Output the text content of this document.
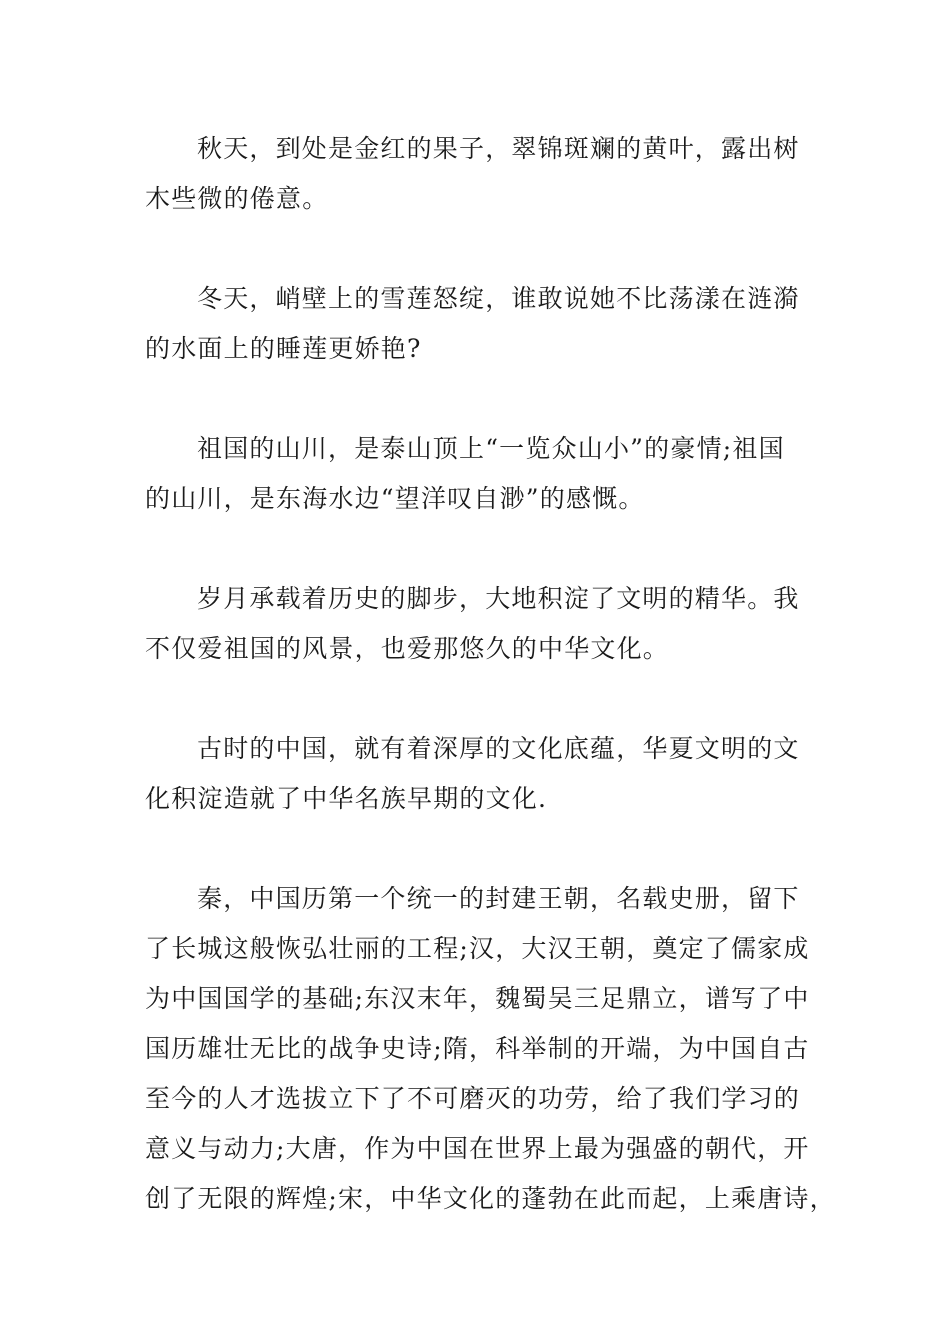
秋天，到处是金红的果子，翠锦斑斓的黄叶，露出树
木些微的倦意。

冬天，峭壁上的雪莲怒绽，谁敢说她不比荡漾在涟漪
的水面上的睡莲更娇艳?

祖国的山川，是泰山顶上“一览众山小”的豪情;祖国
的山川，是东海水边“望洋叹自渺”的感慨。

岁月承载着历史的脚步，大地积淀了文明的精华。我
不仅爱祖国的风景，也爱那悠久的中华文化。

古时的中国，就有着深厚的文化底蕴，华夏文明的文
化积淀造就了中华名族早期的文化.

秦，中国历第一个统一的封建王朝，名载史册，留下
了长城这般恢弘壮丽的工程;汉，大汉王朝，奠定了儒家成
为中国国学的基础;东汉末年，魏蜀吴三足鼎立，谱写了中
国历雄壮无比的战争史诗;隋，科举制的开端，为中国自古
至今的人才选拔立下了不可磨灭的功劳，给了我们学习的
意义与动力;大唐，作为中国在世界上最为强盛的朝代，开
创了无限的辉煌;宋，中华文化的蓬勃在此而起，上乘唐诗，
